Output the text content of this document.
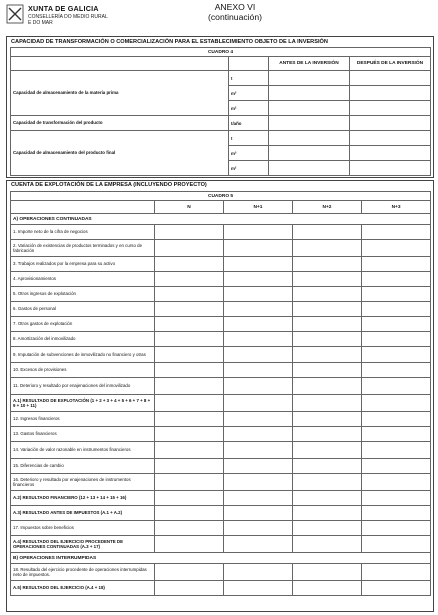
XUNTA DE GALICIA
CONSELLERÍA DO MEDIO RURAL
E DO MAR
ANEXO VI
(continuación)
CAPACIDAD DE TRANSFORMACIÓN O COMERCIALIZACIÓN PARA EL ESTABLECIMIENTO OBJETO DE LA INVERSIÓN
CUADRO 4			
		ANTES DE LA INVERSIÓN	DESPUÉS DE LA INVERSIÓN
Capacidad de almacenamiento de la materia prima	t		
	m³		
	m²		
Capacidad de transformación del producto	t/año		
Capacidad de almacenamiento del producto final	t		
	m³		
	m²		
CUENTA DE EXPLOTACIÓN DE LA EMPRESA (INCLUYENDO PROYECTO)
CUADRO 5				
	N	N+1	N+2	N+3
A) OPERACIONES CONTINUADAS				
1. Importe neto de la cifra de negocios				
2. Variación de existencias de productos terminados y en curso de fabricación				
3. Trabajos realizados por la empresa para su activo				
4. Aprovisionamientos				
5. Otros ingresos de explotación				
6. Gastos de personal				
7. Otros gastos de explotación				
8. Amortización del inmovilizado				
9. Imputación de subvenciones de inmovilizado no financiero y otras				
10. Excesos de provisiones				
11. Deterioro y resultado por enajenaciones del inmovilizado				
A.1) RESULTADO DE EXPLOTACIÓN (1 + 2 + 3 + 4 + 5 + 6 + 7 + 8 + 9 + 10 + 11)				
12. Ingresos financieros				
13. Gastos financieros				
14. Variación de valor razonable en instrumentos financieros				
15. Diferencias de cambio				
16. Deterioro y resultado por enajenaciones de instrumentos financieros				
A.2) RESULTADO FINANCIERO (12 + 13 + 14 + 15 + 16)				
A.3) RESULTADO ANTES DE IMPUESTOS (A.1 + A.2)				
17. Impuestos sobre beneficios				
A.4) RESULTADO DEL EJERCICIO PROCEDENTE DE OPERACIONES CONTINUADAS (A.3 + 17)				
B) OPERACIONES INTERRUMPIDAS				
18. Resultado del ejercicio procedente de operaciones interrumpidas neto de impuestos.				
A.5) RESULTADO DEL EJERCICIO (A.4 + 18)				
